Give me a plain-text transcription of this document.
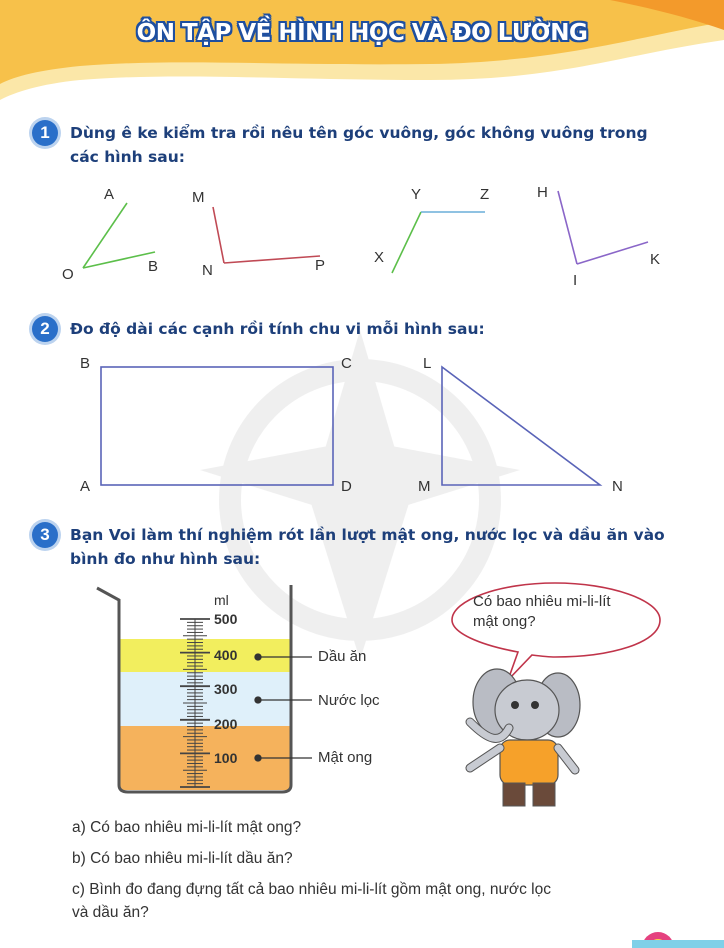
ÔN TẬP VỀ HÌNH HỌC VÀ ĐO LƯỜNG
1	Dùng ê ke kiểm tra rồi nêu tên góc vuông, góc không vuông trong
các hình sau:
A
O	B
M
N	P
Y	Z
X
H
I
K
2	Đo độ dài các cạnh rồi tính chu vi mỗi hình sau:
B	C
A	D
L
M	N
3	Bạn Voi làm thí nghiệm rót lần lượt mật ong, nước lọc và dầu ăn vào
bình đo như hình sau:
ml
500
400
300
200
100
Dầu ăn
Nước lọc
Mật ong
Có bao nhiêu mi-li-lít
mật ong?
a) Có bao nhiêu mi-li-lít mật ong?
b) Có bao nhiêu mi-li-lít dầu ăn?
c) Bình đo đang đựng tất cả bao nhiêu mi-li-lít gồm mật ong, nước lọc
và dầu ăn?
